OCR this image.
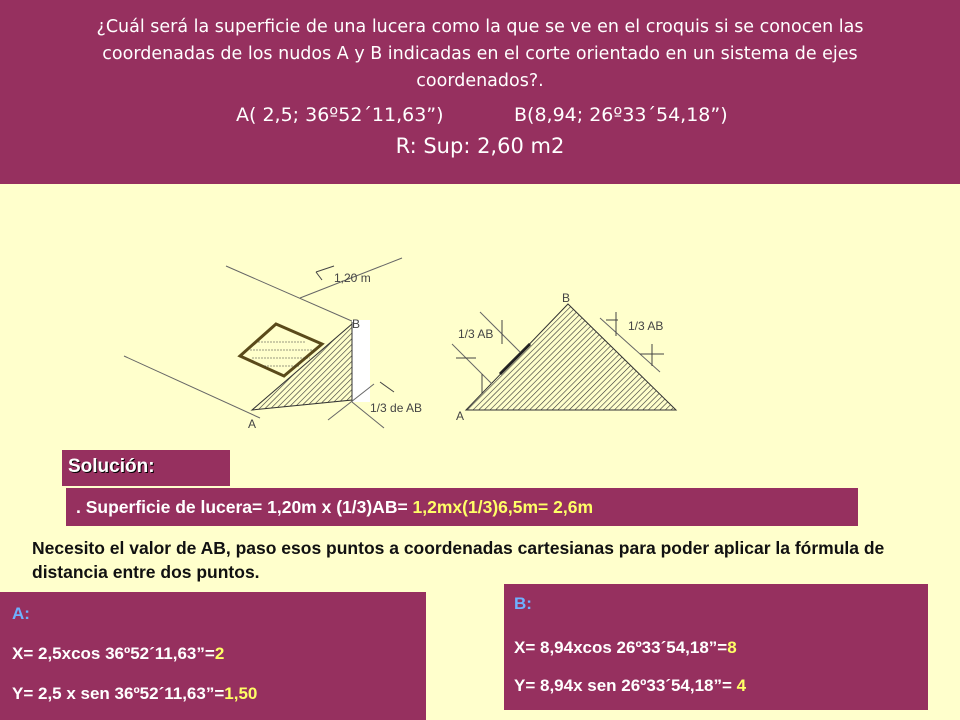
¿Cuál será la superficie de una lucera como la que se ve en el croquis si se conocen las coordenadas de los nudos A y B indicadas en el corte orientado en un sistema de ejes coordenados?.
A( 2,5; 36º52´11,63”)	B(8,94; 26º33´54,18”)
R: Sup: 2,60 m2
1,20 m
B
A
1/3 de AB
B
A
1/3 AB
1/3 AB
Solución:
. Superficie de lucera= 1,20m x (1/3)AB= 1,2mx(1/3)6,5m= 2,6m
Necesito el valor de AB, paso esos puntos a coordenadas cartesianas para poder aplicar la fórmula de distancia entre dos puntos.
A:
X= 2,5xcos 36º52´11,63”=2
Y= 2,5 x sen 36º52´11,63”=1,50
B:
X= 8,94xcos 26º33´54,18”=8
Y= 8,94x sen 26º33´54,18”= 4
